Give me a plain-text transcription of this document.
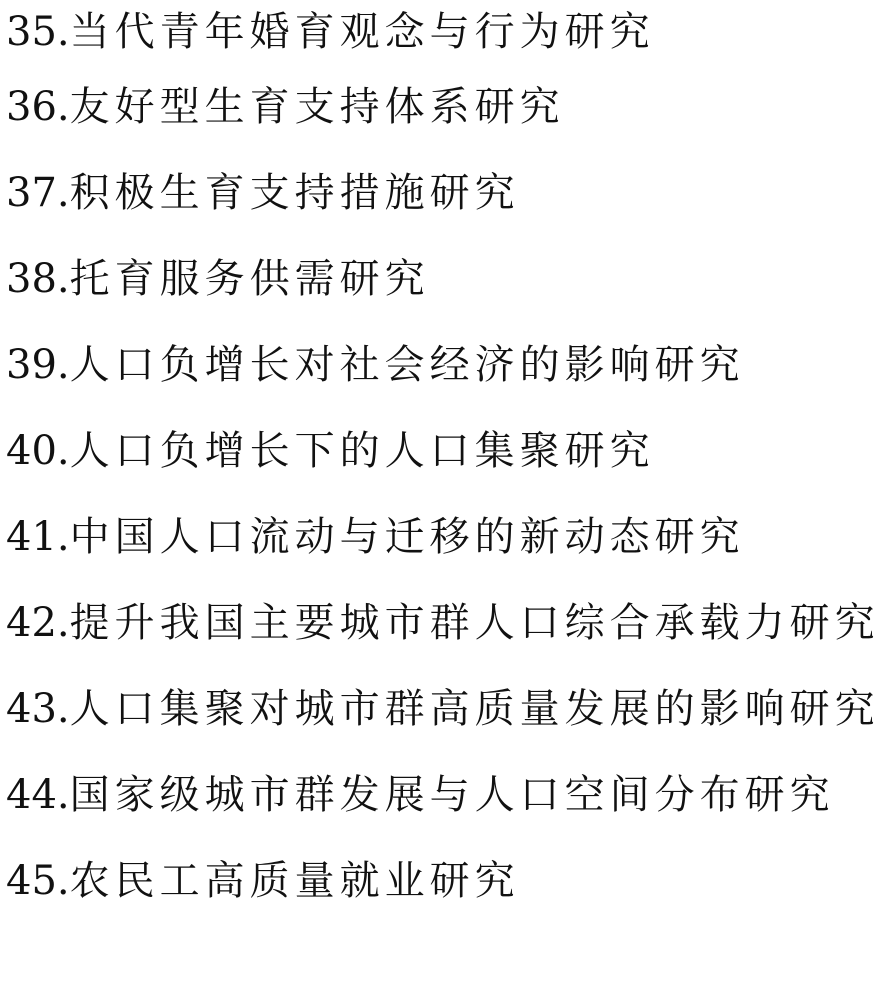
35. 当代青年婚育观念与行为研究
36. 友好型生育支持体系研究
37. 积极生育支持措施研究
38. 托育服务供需研究
39. 人口负增长对社会经济的影响研究
40. 人口负增长下的人口集聚研究
41. 中国人口流动与迁移的新动态研究
42. 提升我国主要城市群人口综合承载力研究
43. 人口集聚对城市群高质量发展的影响研究
44. 国家级城市群发展与人口空间分布研究
45. 农民工高质量就业研究
